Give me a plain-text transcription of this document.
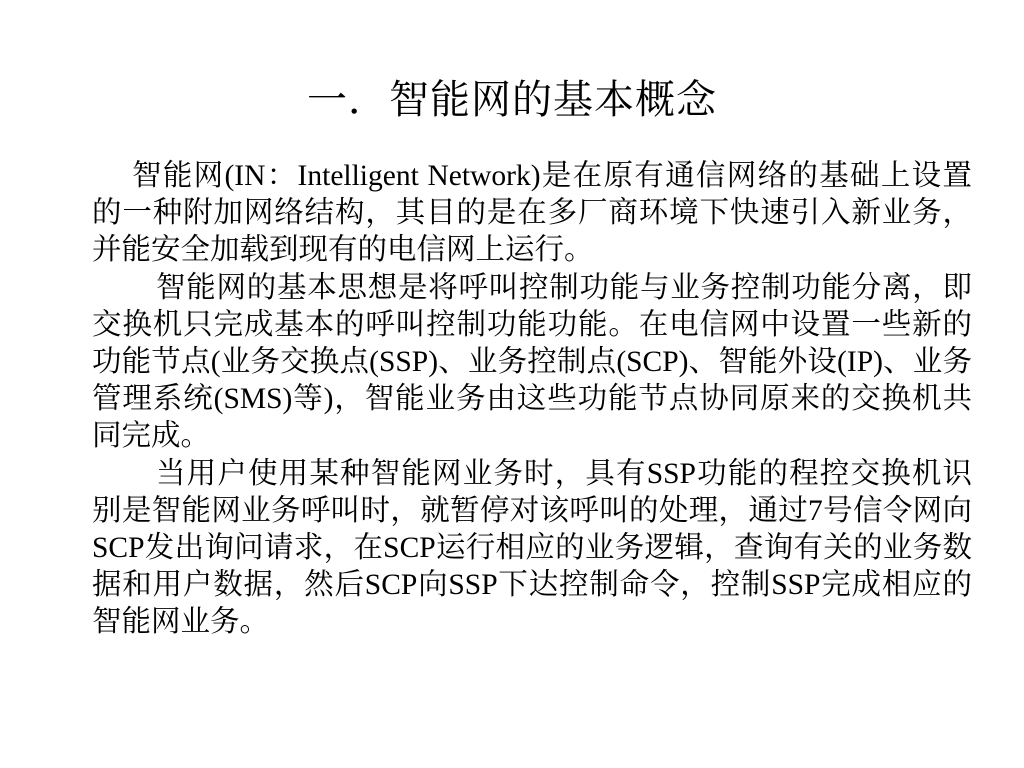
一．智能网的基本概念

智能网(IN：Intelligent Network)是在原有通信网络的基础上设置的一种附加网络结构，其目的是在多厂商环境下快速引入新业务，并能安全加载到现有的电信网上运行。

智能网的基本思想是将呼叫控制功能与业务控制功能分离，即交换机只完成基本的呼叫控制功能功能。在电信网中设置一些新的功能节点(业务交换点(SSP)、业务控制点(SCP)、智能外设(IP)、业务管理系统(SMS)等)，智能业务由这些功能节点协同原来的交换机共同完成。

当用户使用某种智能网业务时，具有SSP功能的程控交换机识别是智能网业务呼叫时，就暂停对该呼叫的处理，通过7号信令网向SCP发出询问请求，在SCP运行相应的业务逻辑，查询有关的业务数据和用户数据，然后SCP向SSP下达控制命令，控制SSP完成相应的智能网业务。
